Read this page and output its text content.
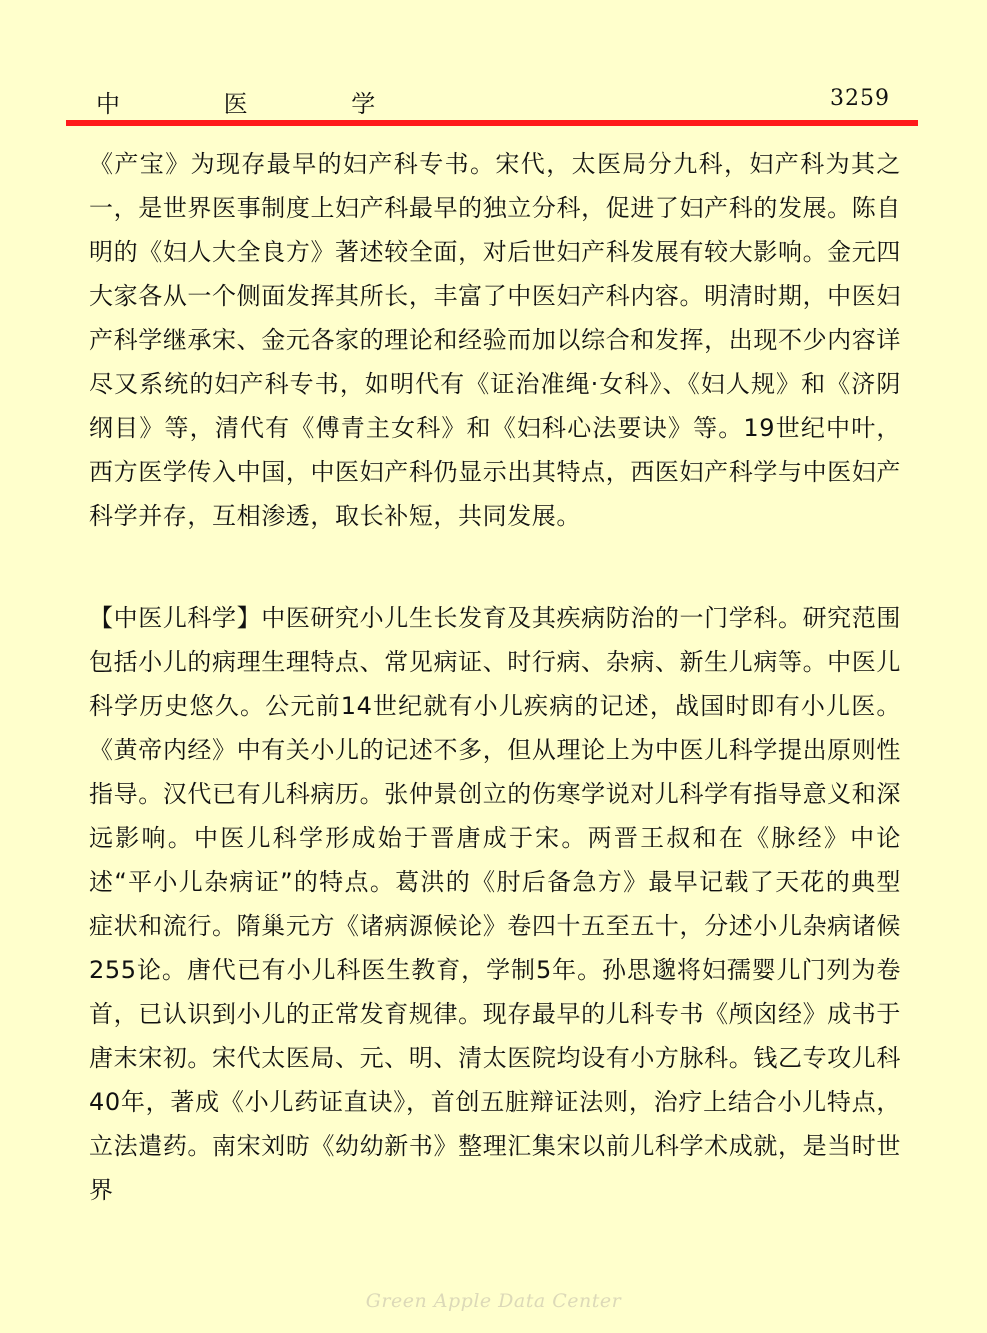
中 医 学	3259

《产宝》为现存最早的妇产科专书。宋代，太医局分九科，妇产科为其之一，是世界医事制度上妇产科最早的独立分科，促进了妇产科的发展。陈自明的《妇人大全良方》著述较全面，对后世妇产科发展有较大影响。金元四大家各从一个侧面发挥其所长，丰富了中医妇产科内容。明清时期，中医妇产科学继承宋、金元各家的理论和经验而加以综合和发挥，出现不少内容详尽又系统的妇产科专书，如明代有《证治准绳·女科》、《妇人规》和《济阴纲目》等，清代有《傅青主女科》和《妇科心法要诀》等。19世纪中叶，西方医学传入中国，中医妇产科仍显示出其特点，西医妇产科学与中医妇产科学并存，互相渗透，取长补短，共同发展。

【中医儿科学】中医研究小儿生长发育及其疾病防治的一门学科。研究范围包括小儿的病理生理特点、常见病证、时行病、杂病、新生儿病等。中医儿科学历史悠久。公元前14世纪就有小儿疾病的记述，战国时即有小儿医。《黄帝内经》中有关小儿的记述不多，但从理论上为中医儿科学提出原则性指导。汉代已有儿科病历。张仲景创立的伤寒学说对儿科学有指导意义和深远影响。中医儿科学形成始于晋唐成于宋。两晋王叔和在《脉经》中论述“平小儿杂病证”的特点。葛洪的《肘后备急方》最早记载了天花的典型症状和流行。隋巢元方《诸病源候论》卷四十五至五十，分述小儿杂病诸候255论。唐代已有小儿科医生教育，学制5年。孙思邈将妇孺婴儿门列为卷首，已认识到小儿的正常发育规律。现存最早的儿科专书《颅囟经》成书于唐末宋初。宋代太医局、元、明、清太医院均设有小方脉科。钱乙专攻儿科40年，著成《小儿药证直诀》，首创五脏辩证法则，治疗上结合小儿特点，立法遣药。南宋刘昉《幼幼新书》整理汇集宋以前儿科学术成就，是当时世界

Green Apple Data Center
